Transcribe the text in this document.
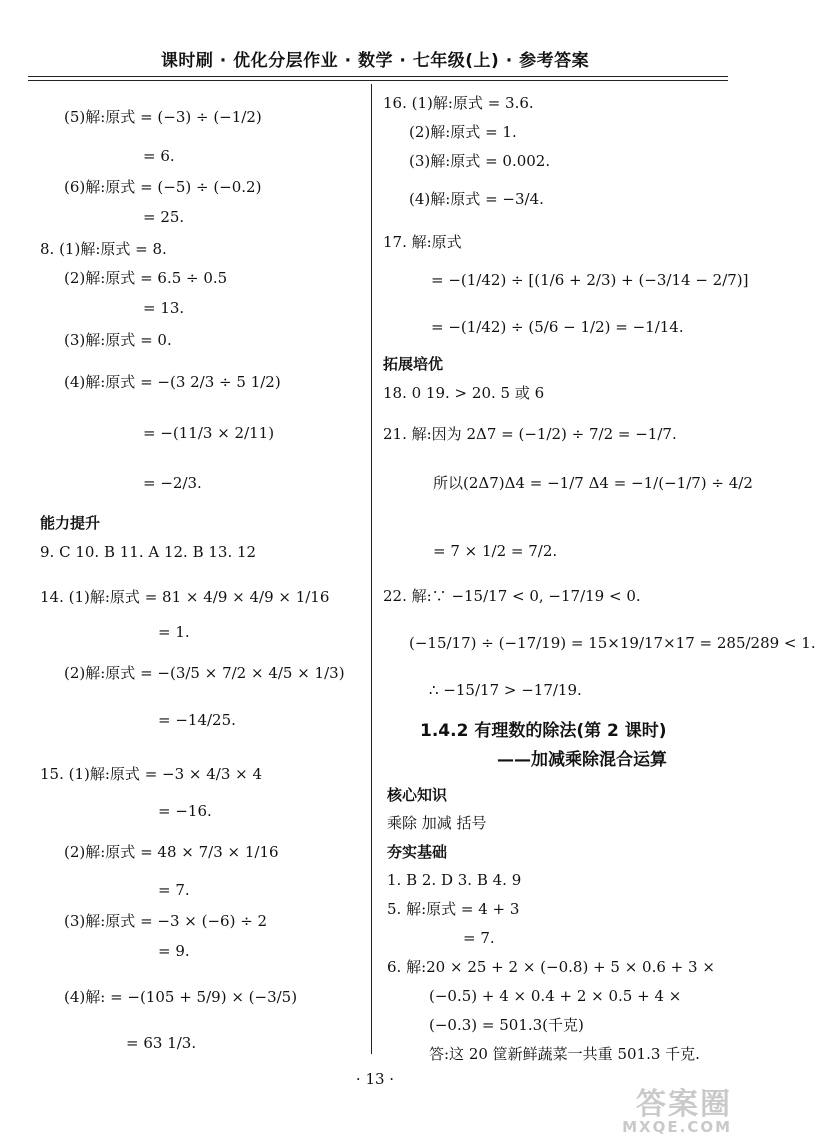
课时刷 · 优化分层作业 · 数学 · 七年级(上) · 参考答案
(5)解:原式 = (−3) ÷ (−1/2)
= 6.
(6)解:原式 = (−5) ÷ (−0.2)
= 25.
8. (1)解:原式 = 8.
(2)解:原式 = 6.5 ÷ 0.5
= 13.
(3)解:原式 = 0.
(4)解:原式 = −(3 2/3 ÷ 5 1/2)
= −(11/3 × 2/11)
= −2/3.
能力提升
9. C 10. B 11. A 12. B 13. 12
14. (1)解:原式 = 81 × 4/9 × 4/9 × 1/16
= 1.
(2)解:原式 = −(3/5 × 7/2 × 4/5 × 1/3)
= −14/25.
15. (1)解:原式 = −3 × 4/3 × 4
= −16.
(2)解:原式 = 48 × 7/3 × 1/16
= 7.
(3)解:原式 = −3 × (−6) ÷ 2
= 9.
(4)解: = −(105 + 5/9) × (−3/5)
= 63 1/3.
16. (1)解:原式 = 3.6.
(2)解:原式 = 1.
(3)解:原式 = 0.002.
(4)解:原式 = −3/4.
17. 解:原式
= −(1/42) ÷ [(1/6 + 2/3) + (−3/14 − 2/7)]
= −(1/42) ÷ (5/6 − 1/2) = −1/14.
拓展培优
18. 0 19. > 20. 5 或 6
21. 解:因为 2Δ7 = (−1/2) ÷ 7/2 = −1/7.
所以(2Δ7)Δ4 = −1/7 Δ4 = −1/(−1/7) ÷ 4/2
= 7 × 1/2 = 7/2.
22. 解:∵ −15/17 < 0, −17/19 < 0.
(−15/17) ÷ (−17/19) = 15×19/17×17 = 285/289 < 1.
∴ −15/17 > −17/19.
1.4.2 有理数的除法(第 2 课时)
——加减乘除混合运算
核心知识
乘除 加减 括号
夯实基础
1. B 2. D 3. B 4. 9
5. 解:原式 = 4 + 3
= 7.
6. 解:20 × 25 + 2 × (−0.8) + 5 × 0.6 + 3 ×
(−0.5) + 4 × 0.4 + 2 × 0.5 + 4 ×
(−0.3) = 501.3(千克)
答:这 20 筐新鲜蔬菜一共重 501.3 千克.
· 13 ·
答案圈
MXQE.COM
